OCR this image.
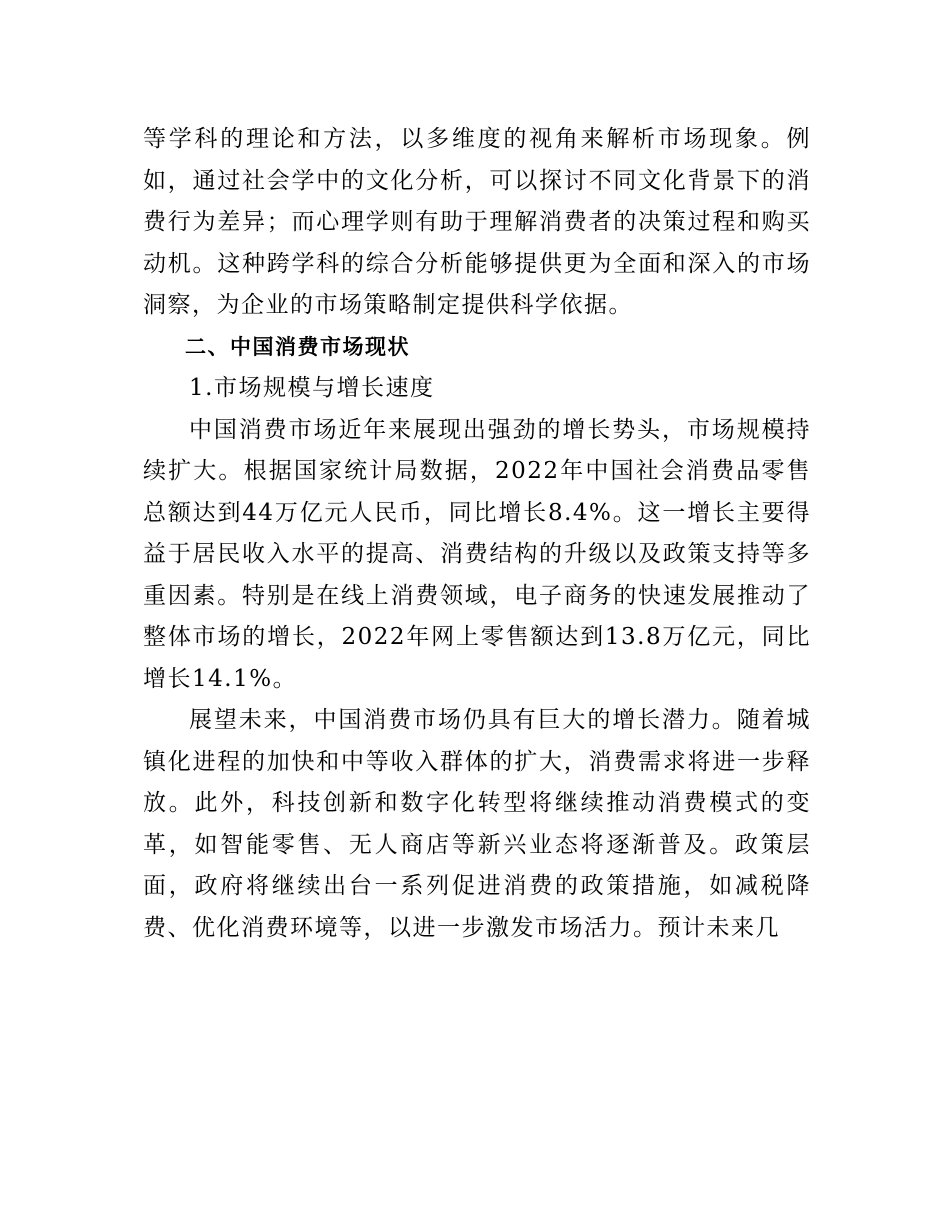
等学科的理论和方法，以多维度的视角来解析市场现象。例如，通过社会学中的文化分析，可以探讨不同文化背景下的消费行为差异；而心理学则有助于理解消费者的决策过程和购买动机。这种跨学科的综合分析能够提供更为全面和深入的市场洞察，为企业的市场策略制定提供科学依据。

二、中国消费市场现状

1.市场规模与增长速度

中国消费市场近年来展现出强劲的增长势头，市场规模持续扩大。根据国家统计局数据，2022年中国社会消费品零售总额达到44万亿元人民币，同比增长8.4%。这一增长主要得益于居民收入水平的提高、消费结构的升级以及政策支持等多重因素。特别是在线上消费领域，电子商务的快速发展推动了整体市场的增长，2022年网上零售额达到13.8万亿元，同比增长14.1%。

展望未来，中国消费市场仍具有巨大的增长潜力。随着城镇化进程的加快和中等收入群体的扩大，消费需求将进一步释放。此外，科技创新和数字化转型将继续推动消费模式的变革，如智能零售、无人商店等新兴业态将逐渐普及。政策层面，政府将继续出台一系列促进消费的政策措施，如减税降费、优化消费环境等，以进一步激发市场活力。预计未来几
